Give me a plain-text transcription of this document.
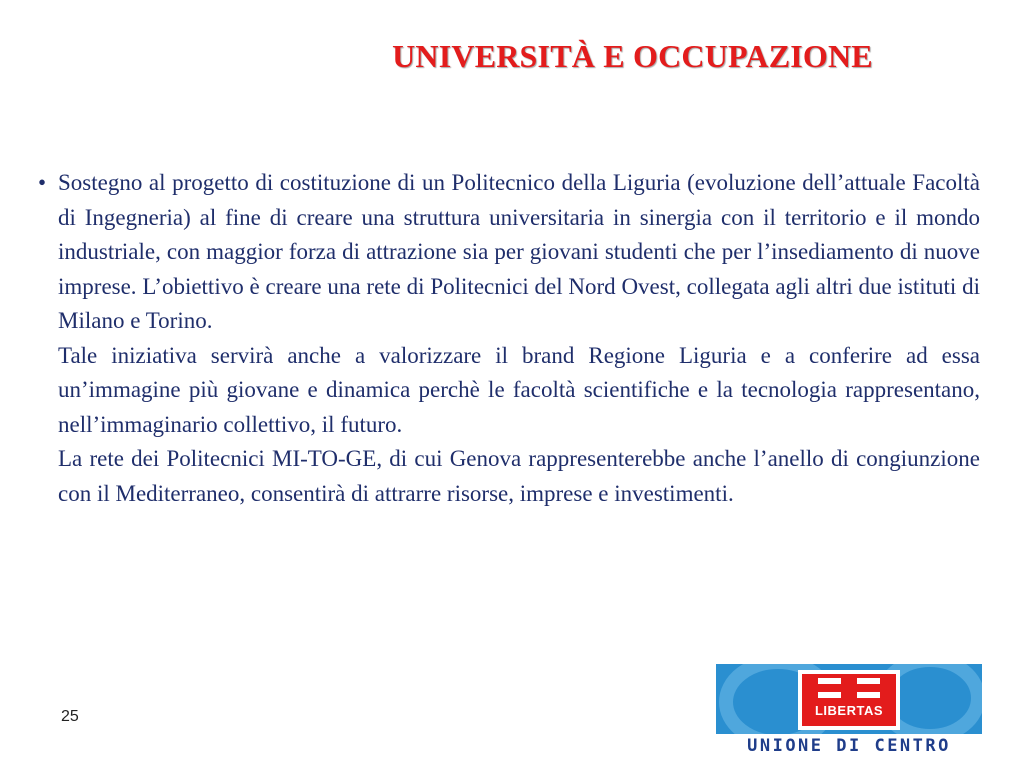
UNIVERSITÀ E OCCUPAZIONE
• Sostegno al progetto di costituzione di un Politecnico della Liguria (evoluzione dell’attuale Facoltà di Ingegneria) al fine di creare una struttura universitaria in sinergia con il territorio e il mondo industriale, con maggior forza di attrazione sia per giovani studenti che per l’insediamento di nuove imprese. L’obiettivo è creare una rete di Politecnici del Nord Ovest, collegata agli altri due istituti di Milano e Torino.

Tale iniziativa servirà anche a valorizzare il brand Regione Liguria e a conferire ad essa un’immagine più giovane e dinamica perchè le facoltà scientifiche e la tecnologia rappresentano, nell’immaginario collettivo, il futuro.

La rete dei Politecnici MI-TO-GE, di cui Genova rappresenterebbe anche l’anello di congiunzione con il Mediterraneo, consentirà di attrarre risorse, imprese e investimenti.

25	LIBERTAS
UNIONE DI CENTRO
